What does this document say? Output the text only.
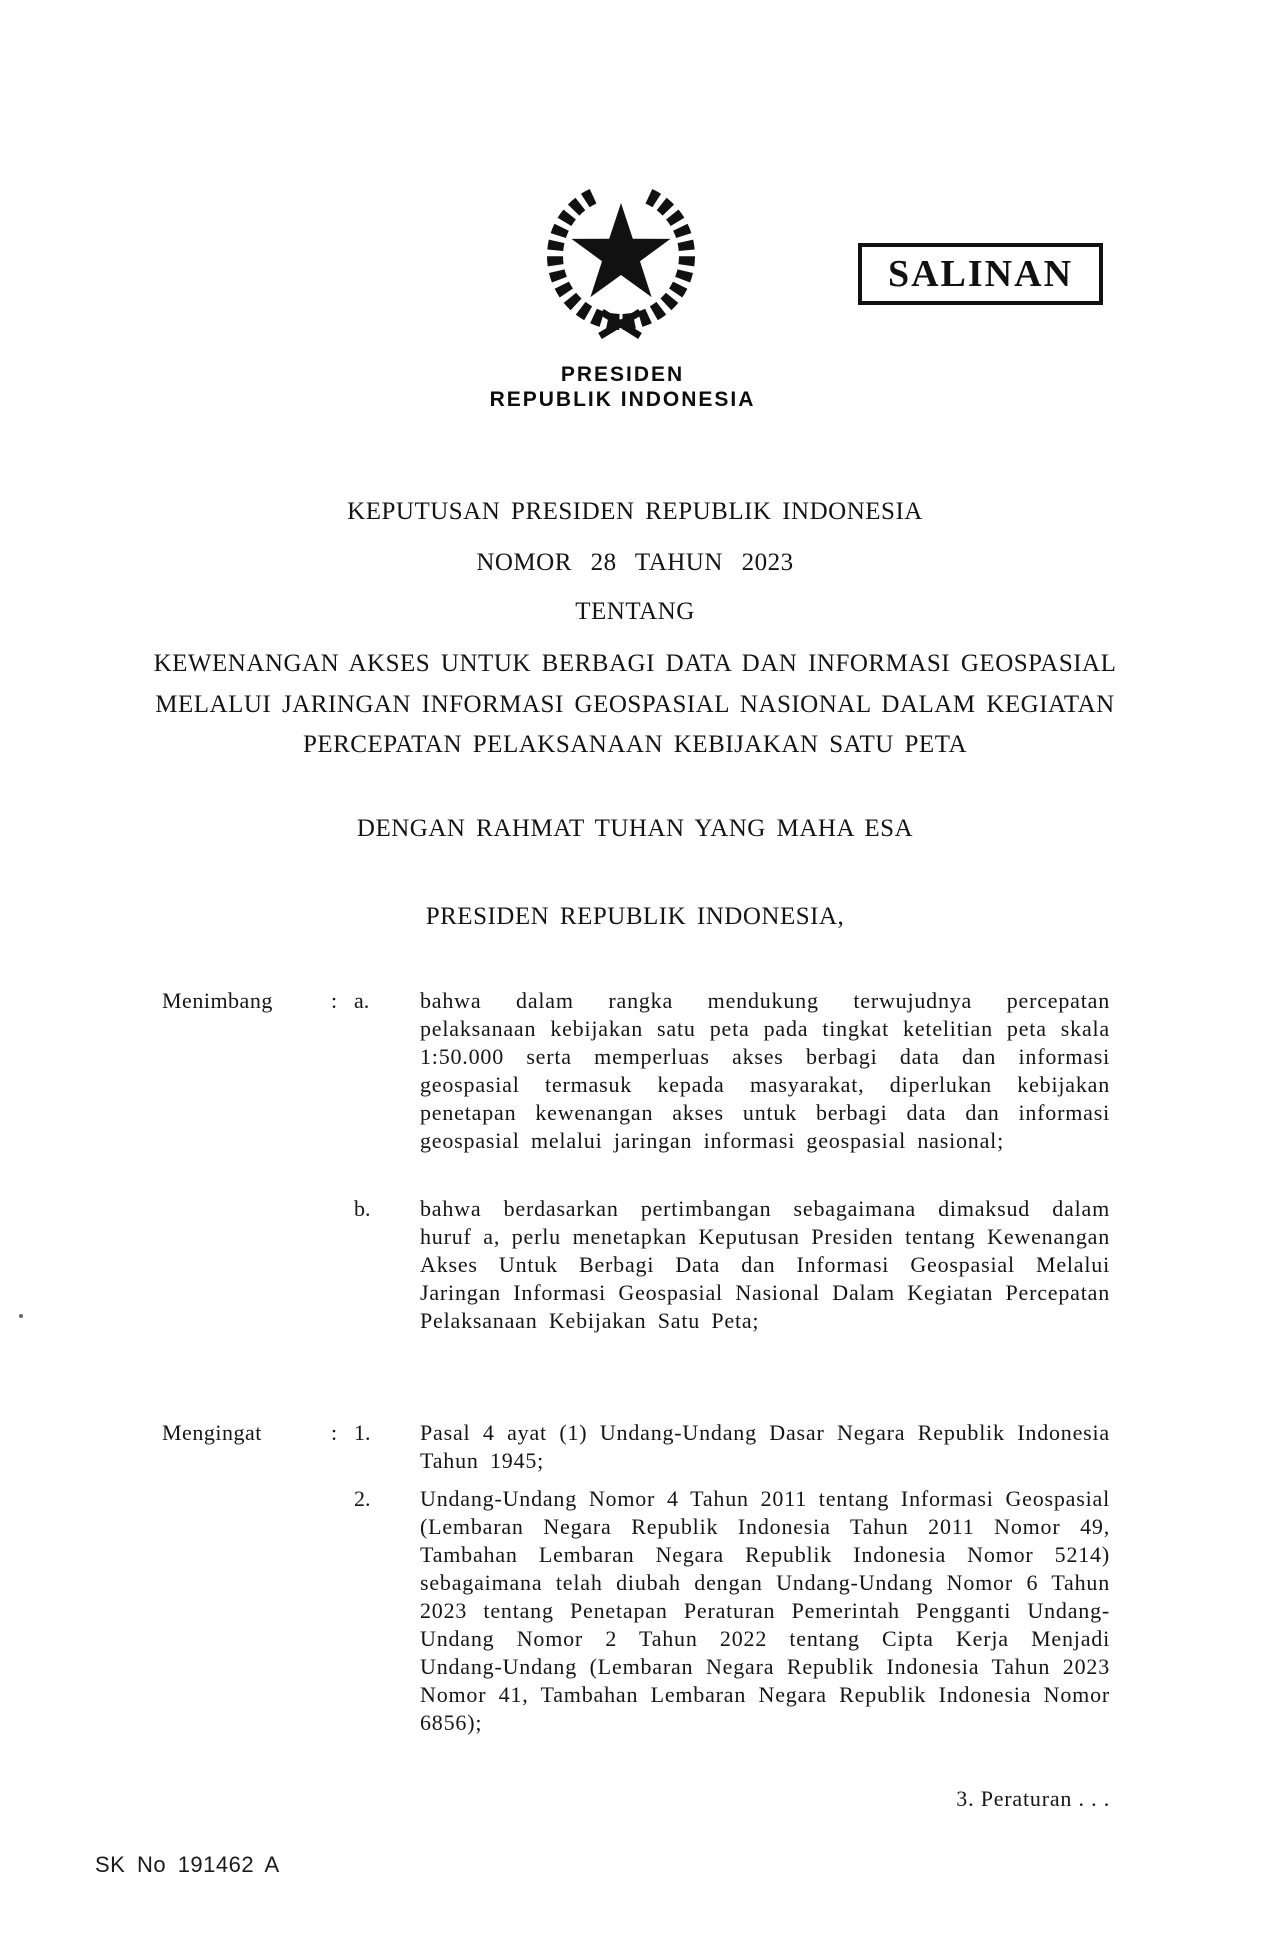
SALINAN
PRESIDEN
REPUBLIK INDONESIA
KEPUTUSAN PRESIDEN REPUBLIK INDONESIA
NOMOR 28 TAHUN 2023
TENTANG
KEWENANGAN AKSES UNTUK BERBAGI DATA DAN INFORMASI GEOSPASIAL
MELALUI JARINGAN INFORMASI GEOSPASIAL NASIONAL DALAM KEGIATAN
PERCEPATAN PELAKSANAAN KEBIJAKAN SATU PETA
DENGAN RAHMAT TUHAN YANG MAHA ESA
PRESIDEN REPUBLIK INDONESIA,
Menimbang	: a. bahwa dalam rangka mendukung terwujudnya percepatan pelaksanaan kebijakan satu peta pada tingkat ketelitian peta skala 1:50.000 serta memperluas akses berbagi data dan informasi geospasial termasuk kepada masyarakat, diperlukan kebijakan penetapan kewenangan akses untuk berbagi data dan informasi geospasial melalui jaringan informasi geospasial nasional;
b. bahwa berdasarkan pertimbangan sebagaimana dimaksud dalam huruf a, perlu menetapkan Keputusan Presiden tentang Kewenangan Akses Untuk Berbagi Data dan Informasi Geospasial Melalui Jaringan Informasi Geospasial Nasional Dalam Kegiatan Percepatan Pelaksanaan Kebijakan Satu Peta;
Mengingat	: 1. Pasal 4 ayat (1) Undang-Undang Dasar Negara Republik Indonesia Tahun 1945;
2. Undang-Undang Nomor 4 Tahun 2011 tentang Informasi Geospasial (Lembaran Negara Republik Indonesia Tahun 2011 Nomor 49, Tambahan Lembaran Negara Republik Indonesia Nomor 5214) sebagaimana telah diubah dengan Undang-Undang Nomor 6 Tahun 2023 tentang Penetapan Peraturan Pemerintah Pengganti Undang-Undang Nomor 2 Tahun 2022 tentang Cipta Kerja Menjadi Undang-Undang (Lembaran Negara Republik Indonesia Tahun 2023 Nomor 41, Tambahan Lembaran Negara Republik Indonesia Nomor 6856);
3. Peraturan . . .
SK No 191462 A
